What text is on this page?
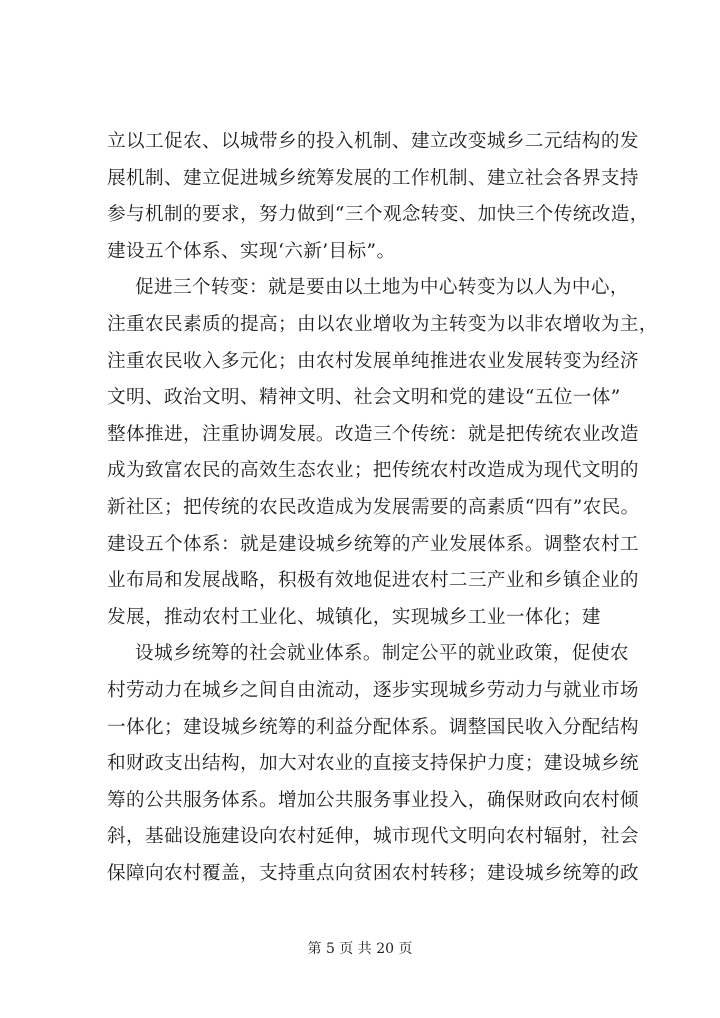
立以工促农、以城带乡的投入机制、建立改变城乡二元结构的发
展机制、建立促进城乡统筹发展的工作机制、建立社会各界支持
参与机制的要求，努力做到“三个观念转变、加快三个传统改造，
建设五个体系、实现‘六新’目标”。
促进三个转变：就是要由以土地为中心转变为以人为中心，
注重农民素质的提高；由以农业增收为主转变为以非农增收为主，
注重农民收入多元化；由农村发展单纯推进农业发展转变为经济
文明、政治文明、精神文明、社会文明和党的建设“五位一体”
整体推进，注重协调发展。改造三个传统：就是把传统农业改造
成为致富农民的高效生态农业；把传统农村改造成为现代文明的
新社区；把传统的农民改造成为发展需要的高素质“四有”农民。
建设五个体系：就是建设城乡统筹的产业发展体系。调整农村工
业布局和发展战略，积极有效地促进农村二三产业和乡镇企业的
发展，推动农村工业化、城镇化，实现城乡工业一体化；建
设城乡统筹的社会就业体系。制定公平的就业政策，促使农
村劳动力在城乡之间自由流动，逐步实现城乡劳动力与就业市场
一体化；建设城乡统筹的利益分配体系。调整国民收入分配结构
和财政支出结构，加大对农业的直接支持保护力度；建设城乡统
筹的公共服务体系。增加公共服务事业投入，确保财政向农村倾
斜，基础设施建设向农村延伸，城市现代文明向农村辐射，社会
保障向农村覆盖，支持重点向贫困农村转移；建设城乡统筹的政
第 5 页 共 20 页
